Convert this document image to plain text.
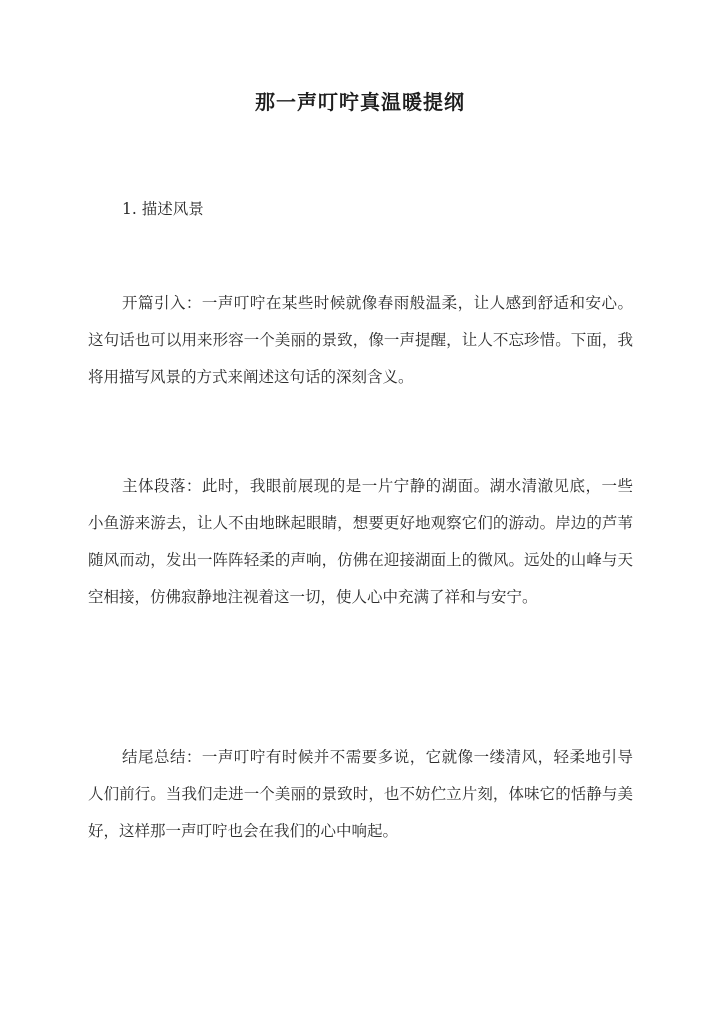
那一声叮咛真温暖提纲
1. 描述风景

开篇引入：一声叮咛在某些时候就像春雨般温柔，让人感到舒适和安心。这句话也可以用来形容一个美丽的景致，像一声提醒，让人不忘珍惜。下面，我将用描写风景的方式来阐述这句话的深刻含义。

主体段落：此时，我眼前展现的是一片宁静的湖面。湖水清澈见底，一些小鱼游来游去，让人不由地眯起眼睛，想要更好地观察它们的游动。岸边的芦苇随风而动，发出一阵阵轻柔的声响，仿佛在迎接湖面上的微风。远处的山峰与天空相接，仿佛寂静地注视着这一切，使人心中充满了祥和与安宁。

结尾总结：一声叮咛有时候并不需要多说，它就像一缕清风，轻柔地引导人们前行。当我们走进一个美丽的景致时，也不妨伫立片刻，体味它的恬静与美好，这样那一声叮咛也会在我们的心中响起。
